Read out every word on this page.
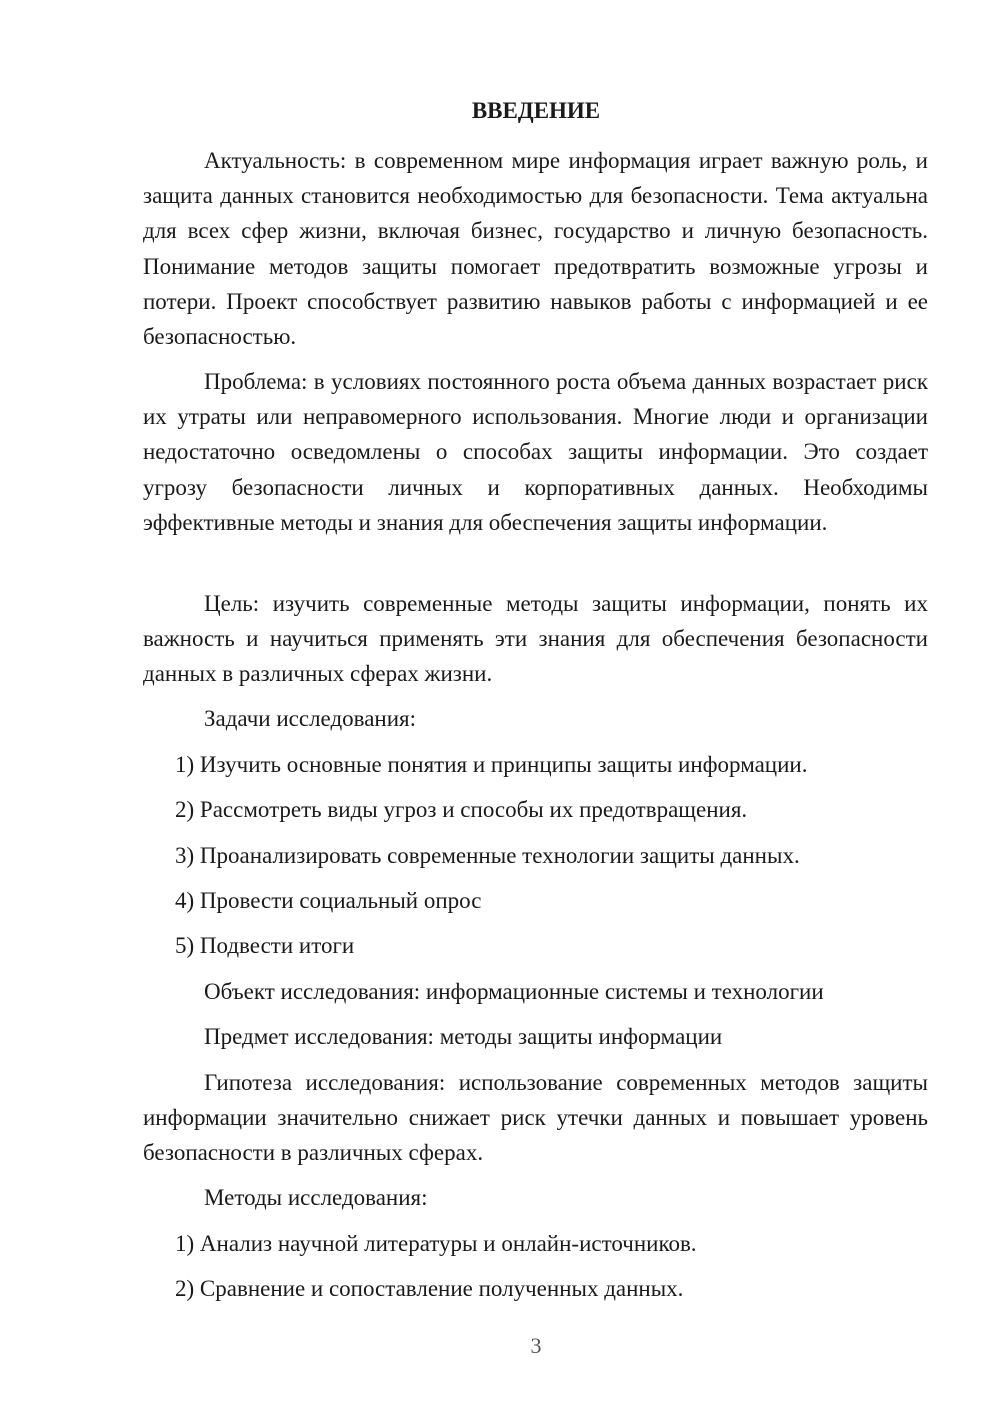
ВВЕДЕНИЕ

Актуальность: в современном мире информация играет важную роль, и защита данных становится необходимостью для безопасности. Тема актуальна для всех сфер жизни, включая бизнес, государство и личную безопасность. Понимание методов защиты помогает предотвратить возможные угрозы и потери. Проект способствует развитию навыков работы с информацией и ее безопасностью.

Проблема: в условиях постоянного роста объема данных возрастает риск их утраты или неправомерного использования. Многие люди и организации недостаточно осведомлены о способах защиты информации. Это создает угрозу безопасности личных и корпоративных данных. Необходимы эффективные методы и знания для обеспечения защиты информации.

Цель: изучить современные методы защиты информации, понять их важность и научиться применять эти знания для обеспечения безопасности данных в различных сферах жизни.

Задачи исследования:

1) Изучить основные понятия и принципы защиты информации.

2) Рассмотреть виды угроз и способы их предотвращения.

3) Проанализировать современные технологии защиты данных.

4) Провести социальный опрос

5) Подвести итоги

Объект исследования: информационные системы и технологии

Предмет исследования: методы защиты информации

Гипотеза исследования: использование современных методов защиты информации значительно снижает риск утечки данных и повышает уровень безопасности в различных сферах.

Методы исследования:

1) Анализ научной литературы и онлайн-источников.

2) Сравнение и сопоставление полученных данных.

3
